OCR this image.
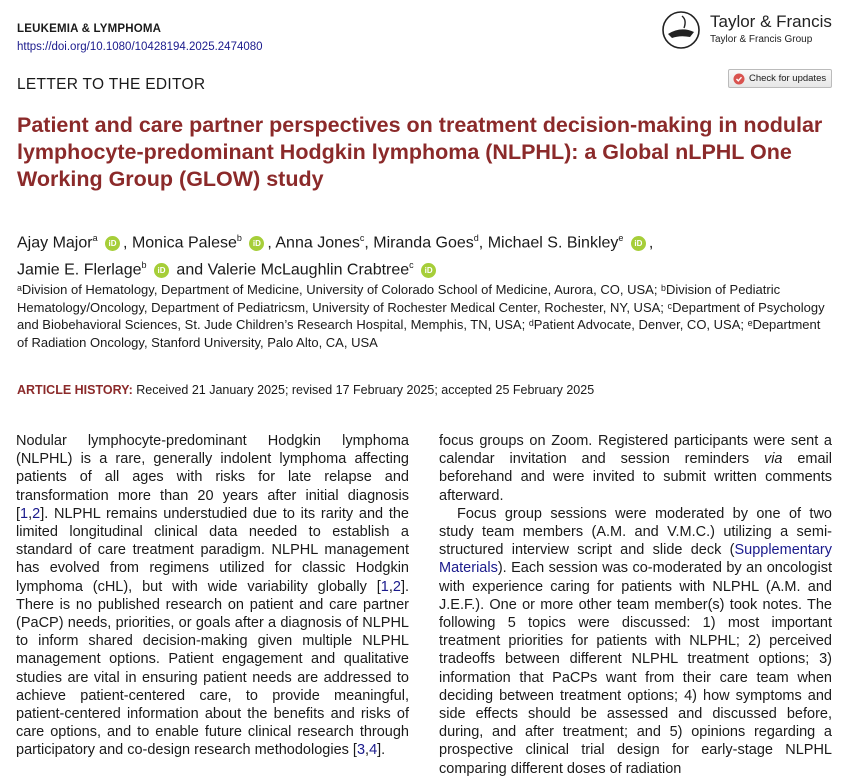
LEUKEMIA & LYMPHOMA
https://doi.org/10.1080/10428194.2025.2474080
Taylor & Francis
Taylor & Francis Group
LETTER TO THE EDITOR	Check for updates
Patient and care partner perspectives on treatment decision-making in nodular lymphocyte-predominant Hodgkin lymphoma (NLPHL): a Global nLPHL One Working Group (GLOW) study
Ajay Major$^a$ iD , Monica Palese$^b$ iD , Anna Jones$^c$, Miranda Goes$^d$, Michael S. Binkley$^e$ iD ,
Jamie E. Flerlage$^b$ iD and Valerie McLaughlin Crabtree$^c$ iD
ᵃDivision of Hematology, Department of Medicine, University of Colorado School of Medicine, Aurora, CO, USA; ᵇDivision of Pediatric Hematology/Oncology, Department of Pediatricsm, University of Rochester Medical Center, Rochester, NY, USA; ᶜDepartment of Psychology and Biobehavioral Sciences, St. Jude Children’s Research Hospital, Memphis, TN, USA; ᵈPatient Advocate, Denver, CO, USA; ᵉDepartment of Radiation Oncology, Stanford University, Palo Alto, CA, USA
ARTICLE HISTORY: Received 21 January 2025; revised 17 February 2025; accepted 25 February 2025

Nodular lymphocyte-predominant Hodgkin lymphoma (NLPHL) is a rare, generally indolent lymphoma affecting patients of all ages with risks for late relapse and transformation more than 20 years after initial diagnosis [1,2]. NLPHL remains understudied due to its rarity and the limited longitudinal clinical data needed to establish a standard of care treatment paradigm. NLPHL management has evolved from regimens utilized for classic Hodgkin lymphoma (cHL), but with wide variability globally [1,2]. There is no published research on patient and care partner (PaCP) needs, priorities, or goals after a diagnosis of NLPHL to inform shared decision-making given multiple NLPHL management options. Patient engagement and qualitative studies are vital in ensuring patient needs are addressed to achieve patient-centered care, to provide meaningful, patient-centered information about the benefits and risks of care options, and to enable future clinical research through participatory and co-design research methodologies [3,4].

focus groups on Zoom. Registered participants were sent a calendar invitation and session reminders via email beforehand and were invited to submit written comments afterward.

Focus group sessions were moderated by one of two study team members (A.M. and V.M.C.) utilizing a semi-structured interview script and slide deck (Supplementary Materials). Each session was co-moderated by an oncologist with experience caring for patients with NLPHL (A.M. and J.E.F.). One or more other team member(s) took notes. The following 5 topics were discussed: 1) most important treatment priorities for patients with NLPHL; 2) perceived tradeoffs between different NLPHL treatment options; 3) information that PaCPs want from their care team when deciding between treatment options; 4) how symptoms and side effects should be assessed and discussed before, during, and after treatment; and 5) opinions regarding a prospective clinical trial design for early-stage NLPHL comparing different doses of radiation
